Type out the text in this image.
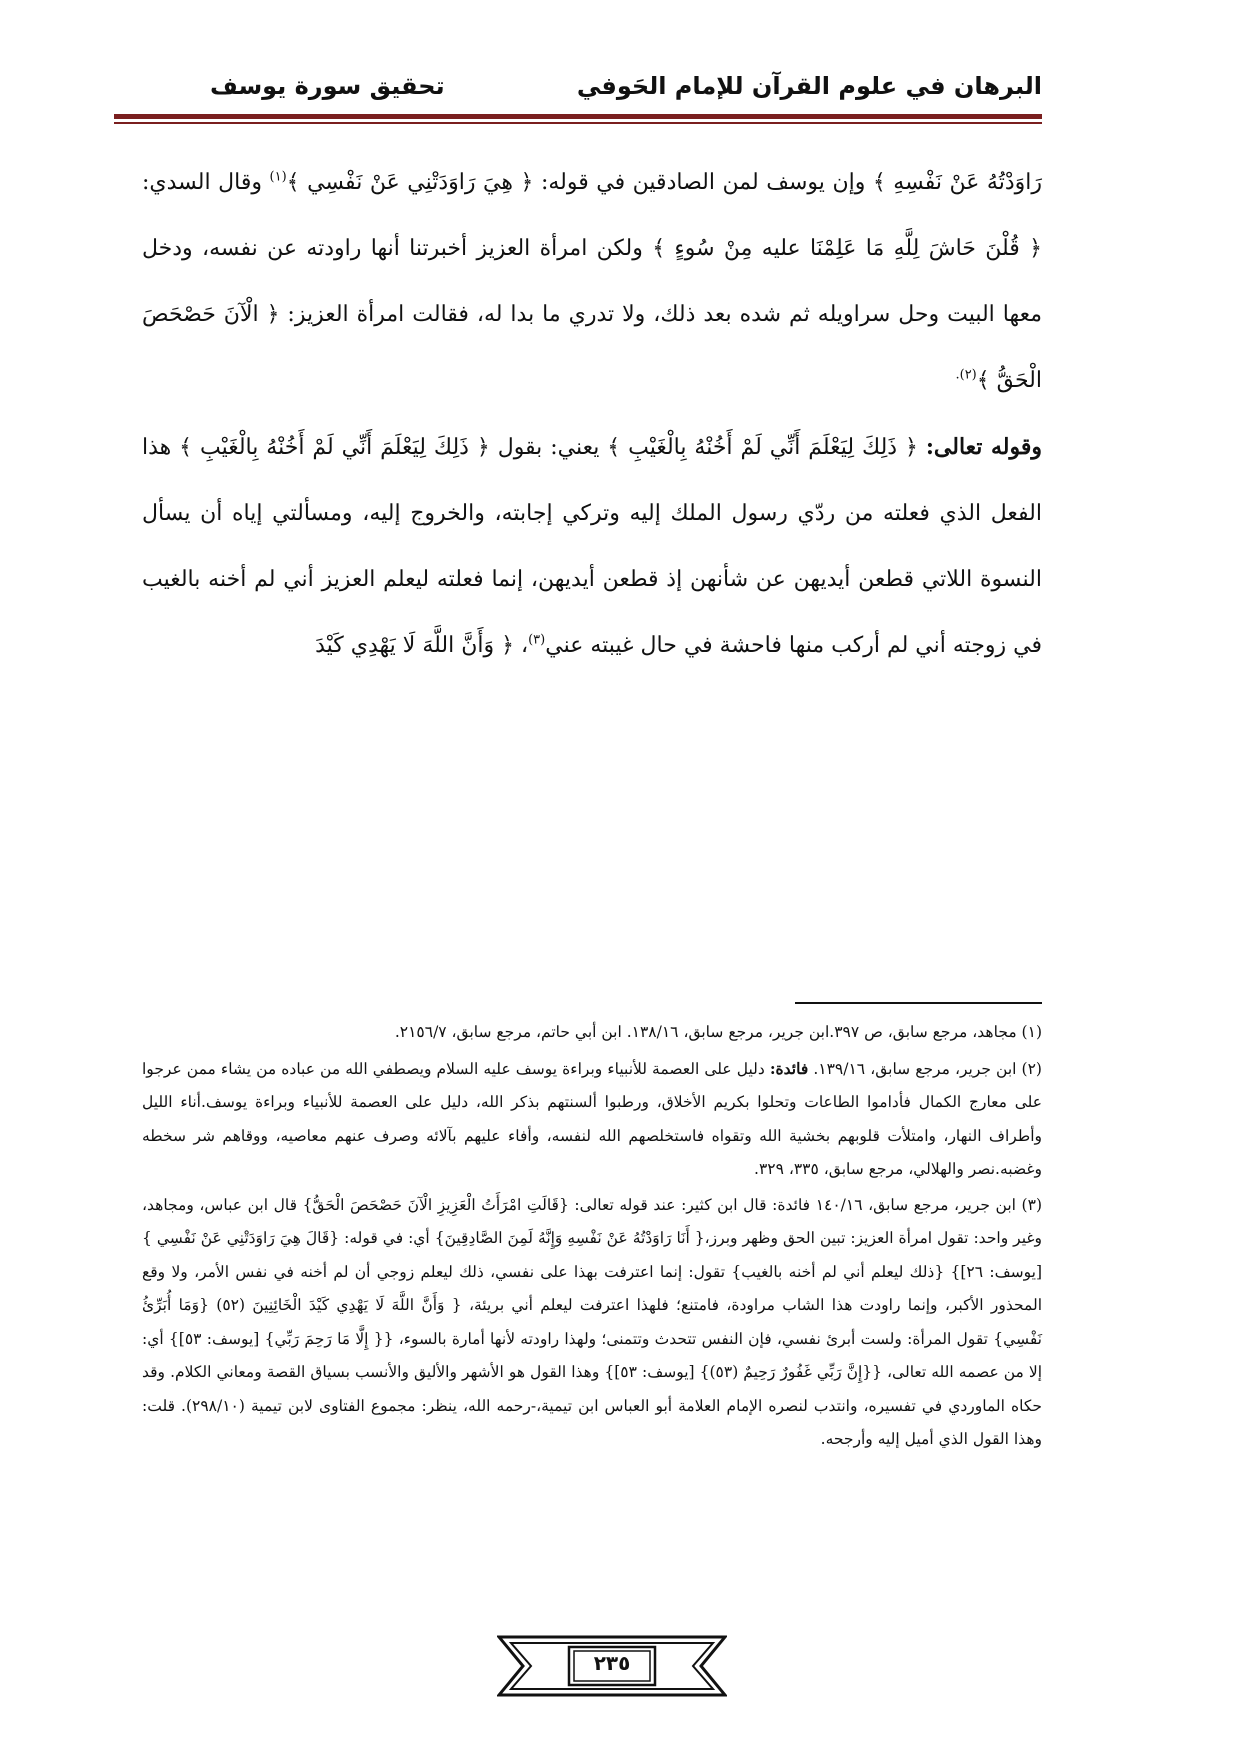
البرهان في علوم القرآن للإمام الحَوفي
تحقيق سورة يوسف

رَاوَدْتُهُ عَنْ نَفْسِهِ ﴾ وإن يوسف لمن الصادقين في قوله: ﴿ هِيَ رَاوَدَتْنِي عَنْ نَفْسِي ﴾$^{(١)}$ وقال السدي: ﴿ قُلْنَ حَاشَ لِلَّهِ مَا عَلِمْنَا عليه مِنْ سُوءٍ ﴾ ولكن امرأة العزيز أخبرتنا أنها راودته عن نفسه، ودخل معها البيت وحل سراويله ثم شده بعد ذلك، ولا تدري ما بدا له، فقالت امرأة العزيز: ﴿ الْآنَ حَصْحَصَ الْحَقُّ ﴾$^{(٢).}$

وقوله تعالى: ﴿ ذَلِكَ لِيَعْلَمَ أَنِّي لَمْ أَخُنْهُ بِالْغَيْبِ ﴾ يعني: بقول ﴿ ذَلِكَ لِيَعْلَمَ أَنِّي لَمْ أَخُنْهُ بِالْغَيْبِ ﴾ هذا الفعل الذي فعلته من ردّي رسول الملك إليه وتركي إجابته، والخروج إليه، ومسألتي إياه أن يسأل النسوة اللاتي قطعن أيديهن عن شأنهن إذ قطعن أيديهن، إنما فعلته ليعلم العزيز أني لم أخنه بالغيب في زوجته أني لم أركب منها فاحشة في حال غيبته عني$^{(٣)}$، ﴿ وَأَنَّ اللَّهَ لَا يَهْدِي كَيْدَ

(١) مجاهد، مرجع سابق، ص ٣٩٧.ابن جرير، مرجع سابق، ١٣٨/١٦. ابن أبي حاتم، مرجع سابق، ٢١٥٦/٧.

(٢) ابن جرير، مرجع سابق، ١٣٩/١٦. فائدة: دليل على العصمة للأنبياء وبراءة يوسف عليه السلام ويصطفي الله من عباده من يشاء ممن عرجوا على معارج الكمال فأداموا الطاعات وتحلوا بكريم الأخلاق، ورطبوا ألسنتهم بذكر الله، دليل على العصمة للأنبياء وبراءة يوسف.أناء الليل وأطراف النهار، وامتلأت قلوبهم بخشية الله وتقواه فاستخلصهم الله لنفسه، وأفاء عليهم بآلائه وصرف عنهم معاصيه، ووقاهم شر سخطه وغضبه.نصر والهلالي، مرجع سابق، ٣٣٥، ٣٢٩.

(٣) ابن جرير، مرجع سابق، ١٤٠/١٦ فائدة: قال ابن كثير: عند قوله تعالى: {قَالَتِ امْرَأَتُ الْعَزِيزِ الْآنَ حَصْحَصَ الْحَقُّ} قال ابن عباس، ومجاهد، وغير واحد: تقول امرأة العزيز: تبين الحق وظهر وبرز،{ أَنَا رَاوَدْتُهُ عَنْ نَفْسِهِ وَإِنَّهُ لَمِنَ الصَّادِقِينَ} أي: في قوله: {قَالَ هِيَ رَاوَدَتْنِي عَنْ نَفْسِي } [يوسف: ٢٦]} {ذلك ليعلم أني لم أخنه بالغيب} تقول: إنما اعترفت بهذا على نفسي، ذلك ليعلم زوجي أن لم أخنه في نفس الأمر، ولا وقع المحذور الأكبر، وإنما راودت هذا الشاب مراودة، فامتنع؛ فلهذا اعترفت ليعلم أني بريئة، { وَأَنَّ اللَّهَ لَا يَهْدِي كَيْدَ الْخَائِنِينَ (٥٢) {وَمَا أُبَرِّئُ نَفْسِي} تقول المرأة: ولست أبرئ نفسي، فإن النفس تتحدث وتتمنى؛ ولهذا راودته لأنها أمارة بالسوء، {{ إِلَّا مَا رَحِمَ رَبِّي} [يوسف: ٥٣]} أي: إلا من عصمه الله تعالى، {{إِنَّ رَبِّي غَفُورٌ رَحِيمٌ (٥٣)} [يوسف: ٥٣]} وهذا القول هو الأشهر والأليق والأنسب بسياق القصة ومعاني الكلام. وقد حكاه الماوردي في تفسيره، وانتدب لنصره الإمام العلامة أبو العباس ابن تيمية،-رحمه الله، ينظر: مجموع الفتاوى لابن تيمية (٢٩٨/١٠). قلت: وهذا القول الذي أميل إليه وأرجحه.

٢٣٥
